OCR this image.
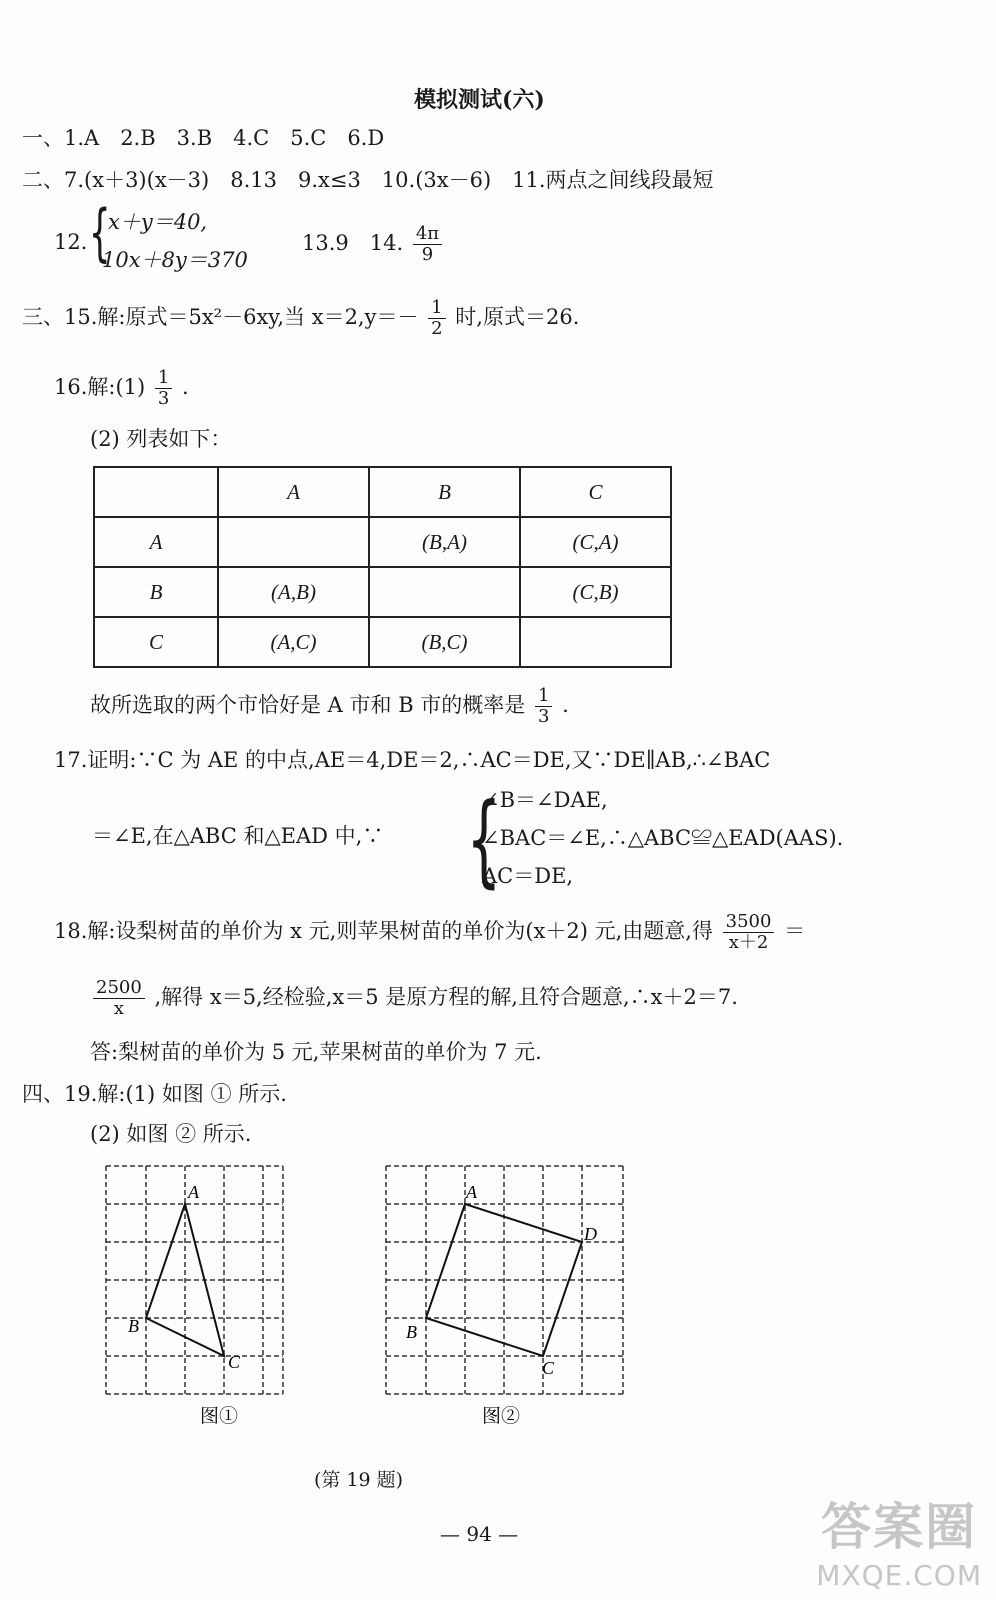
模拟测试(六)
一、1.A　2.B　3.B　4.C　5.C　6.D
二、7.(x＋3)(x－3)　8.13　9.x≤3　10.(3x－6)　11.两点之间线段最短
12. {
x＋y＝40,
10x＋8y＝370
13.9　14. $\frac{4\pi}{9}$
三、15.解:原式＝5x²－6xy,当 $x=2,y=- \frac{1}{2}$ 时,原式＝26.
16.解:(1) $\frac{1}{3}$ .
(2) 列表如下：
	A	B	C
A		(B,A)	(C,A)
B	(A,B)		(C,B)
C	(A,C)	(B,C)	
故所选取的两个市恰好是 A 市和 B 市的概率是 $\frac{1}{3}$ .
17.证明:∵C 为 AE 的中点,AE＝4,DE＝2,∴AC＝DE,又∵DE∥AB,∴∠BAC
＝∠E,在△ABC 和△EAD 中,∵ {
∠B＝∠DAE,
∠BAC＝∠E,∴△ABC≌△EAD(AAS).
AC＝DE,
18.解:设梨树苗的单价为 x 元,则苹果树苗的单价为(x＋2) 元,由题意,得 $\frac{3500}{x+2}$ ＝
$\frac{2500}{x}$ ,解得 x＝5,经检验,x＝5 是原方程的解,且符合题意,∴x＋2＝7.
答:梨树苗的单价为 5 元,苹果树苗的单价为 7 元.
四、19.解:(1) 如图 ① 所示.
(2) 如图 ② 所示.
A
B
C
图①
A
B
C
D
图②
(第 19 题)
— 94 —	答案圈
MXQE.COM
